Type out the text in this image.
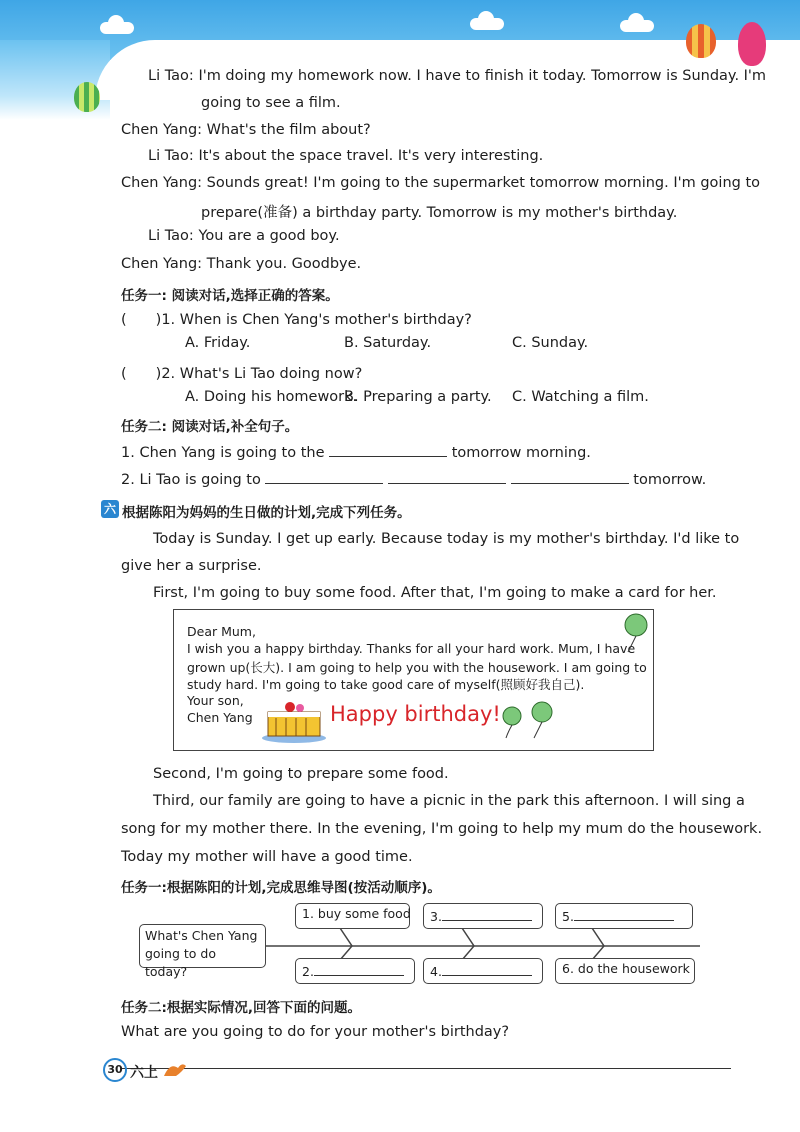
Li Tao: I'm doing my homework now. I have to finish it today. Tomorrow is Sunday. I'm
going to see a film.
Chen Yang: What's the film about?
Li Tao: It's about the space travel. It's very interesting.
Chen Yang: Sounds great! I'm going to the supermarket tomorrow morning. I'm going to
prepare(准备) a birthday party. Tomorrow is my mother's birthday.
Li Tao: You are a good boy.
Chen Yang: Thank you. Goodbye.
任务一: 阅读对话,选择正确的答案。
(　　)1. When is Chen Yang's mother's birthday?
A. Friday.	B. Saturday.	C. Sunday.
(　　)2. What's Li Tao doing now?
A. Doing his homework.
B. Preparing a party. C. Watching a film.
任务二: 阅读对话,补全句子。
1. Chen Yang is going to the	tomorrow morning.
2. Li Tao is going to	tomorrow.
六 根据陈阳为妈妈的生日做的计划,完成下列任务。
Today is Sunday. I get up early. Because today is my mother's birthday. I'd like to
give her a surprise.
First, I'm going to buy some food. After that, I'm going to make a card for her.
Dear Mum,
I wish you a happy birthday. Thanks for all your hard work. Mum, I have
grown up(长大). I am going to help you with the housework. I am going to
study hard. I'm going to take good care of myself(照顾好我自己).
Your son,
Chen Yang	Happy birthday!
Second, I'm going to prepare some food.
Third, our family are going to have a picnic in the park this afternoon. I will sing a
song for my mother there. In the evening, I'm going to help my mum do the housework.
Today my mother will have a good time.
任务一:根据陈阳的计划,完成思维导图(按活动顺序)。
What's Chen Yang
going to do today?
1. buy some food
2.
3.
4.
5.
6. do the housework
任务二:根据实际情况,回答下面的问题。
What are you going to do for your mother's birthday?
30 六上
